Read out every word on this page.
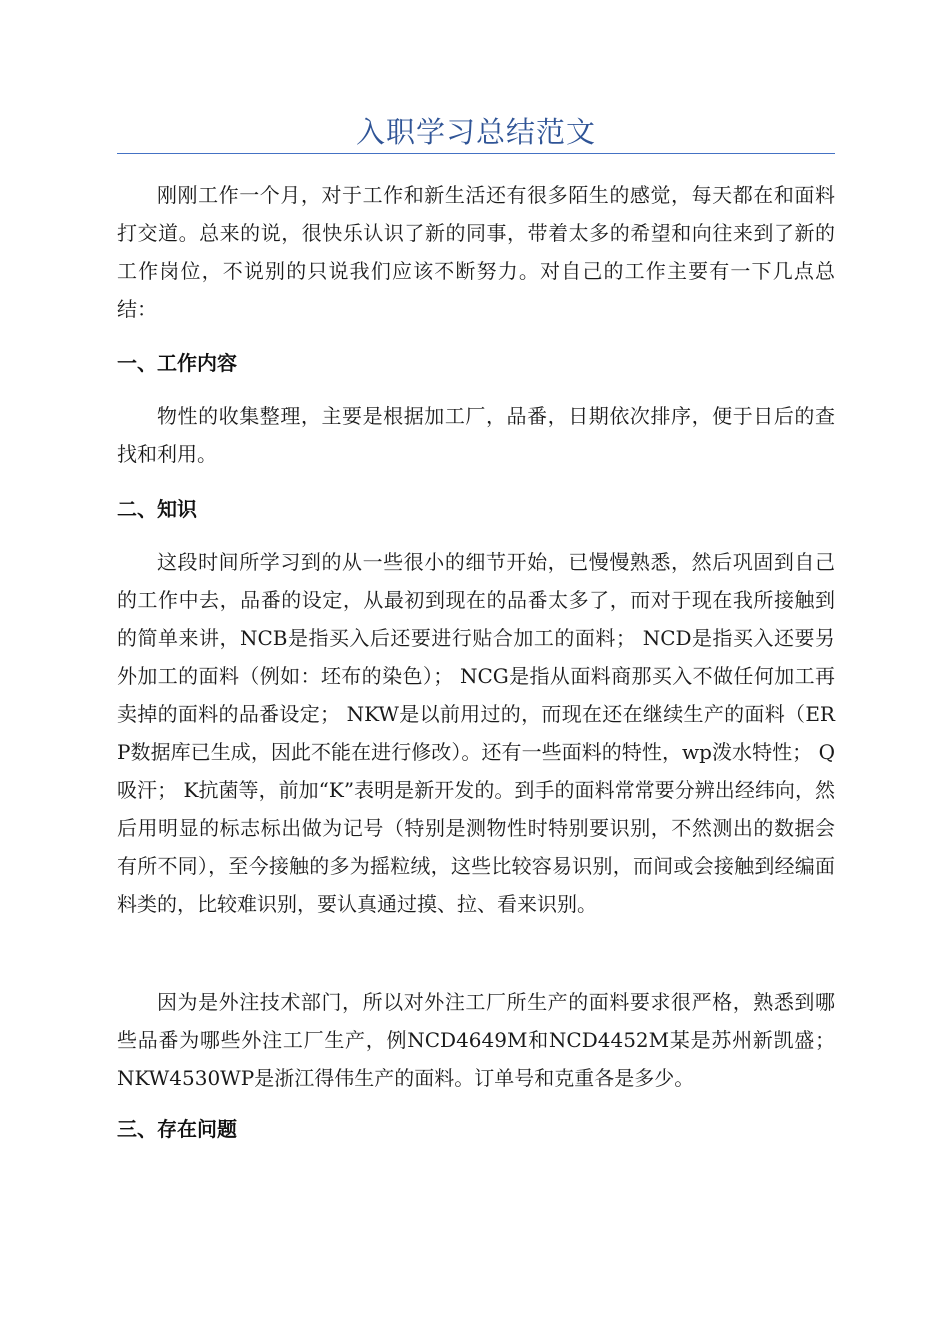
入职学习总结范文

刚刚工作一个月，对于工作和新生活还有很多陌生的感觉，每天都在和面料打交道。总来的说，很快乐认识了新的同事，带着太多的希望和向往来到了新的工作岗位，不说别的只说我们应该不断努力。对自己的工作主要有一下几点总结：

一、工作内容

物性的收集整理，主要是根据加工厂，品番，日期依次排序，便于日后的查找和利用。

二、知识

这段时间所学习到的从一些很小的细节开始，已慢慢熟悉，然后巩固到自己的工作中去，品番的设定，从最初到现在的品番太多了，而对于现在我所接触到的简单来讲，NCB是指买入后还要进行贴合加工的面料； NCD是指买入还要另外加工的面料（例如：坯布的染色）； NCG是指从面料商那买入不做任何加工再卖掉的面料的品番设定； NKW是以前用过的，而现在还在继续生产的面料（ERP数据库已生成，因此不能在进行修改）。还有一些面料的特性，wp泼水特性； Q吸汗； K抗菌等，前加“K”表明是新开发的。到手的面料常常要分辨出经纬向，然后用明显的标志标出做为记号（特别是测物性时特别要识别，不然测出的数据会有所不同），至今接触的多为摇粒绒，这些比较容易识别，而间或会接触到经编面料类的，比较难识别，要认真通过摸、拉、看来识别。

因为是外注技术部门，所以对外注工厂所生产的面料要求很严格，熟悉到哪些品番为哪些外注工厂生产，例NCD4649M和NCD4452M某是苏州新凯盛； NKW4530WP是浙江得伟生产的面料。订单号和克重各是多少。

三、存在问题
